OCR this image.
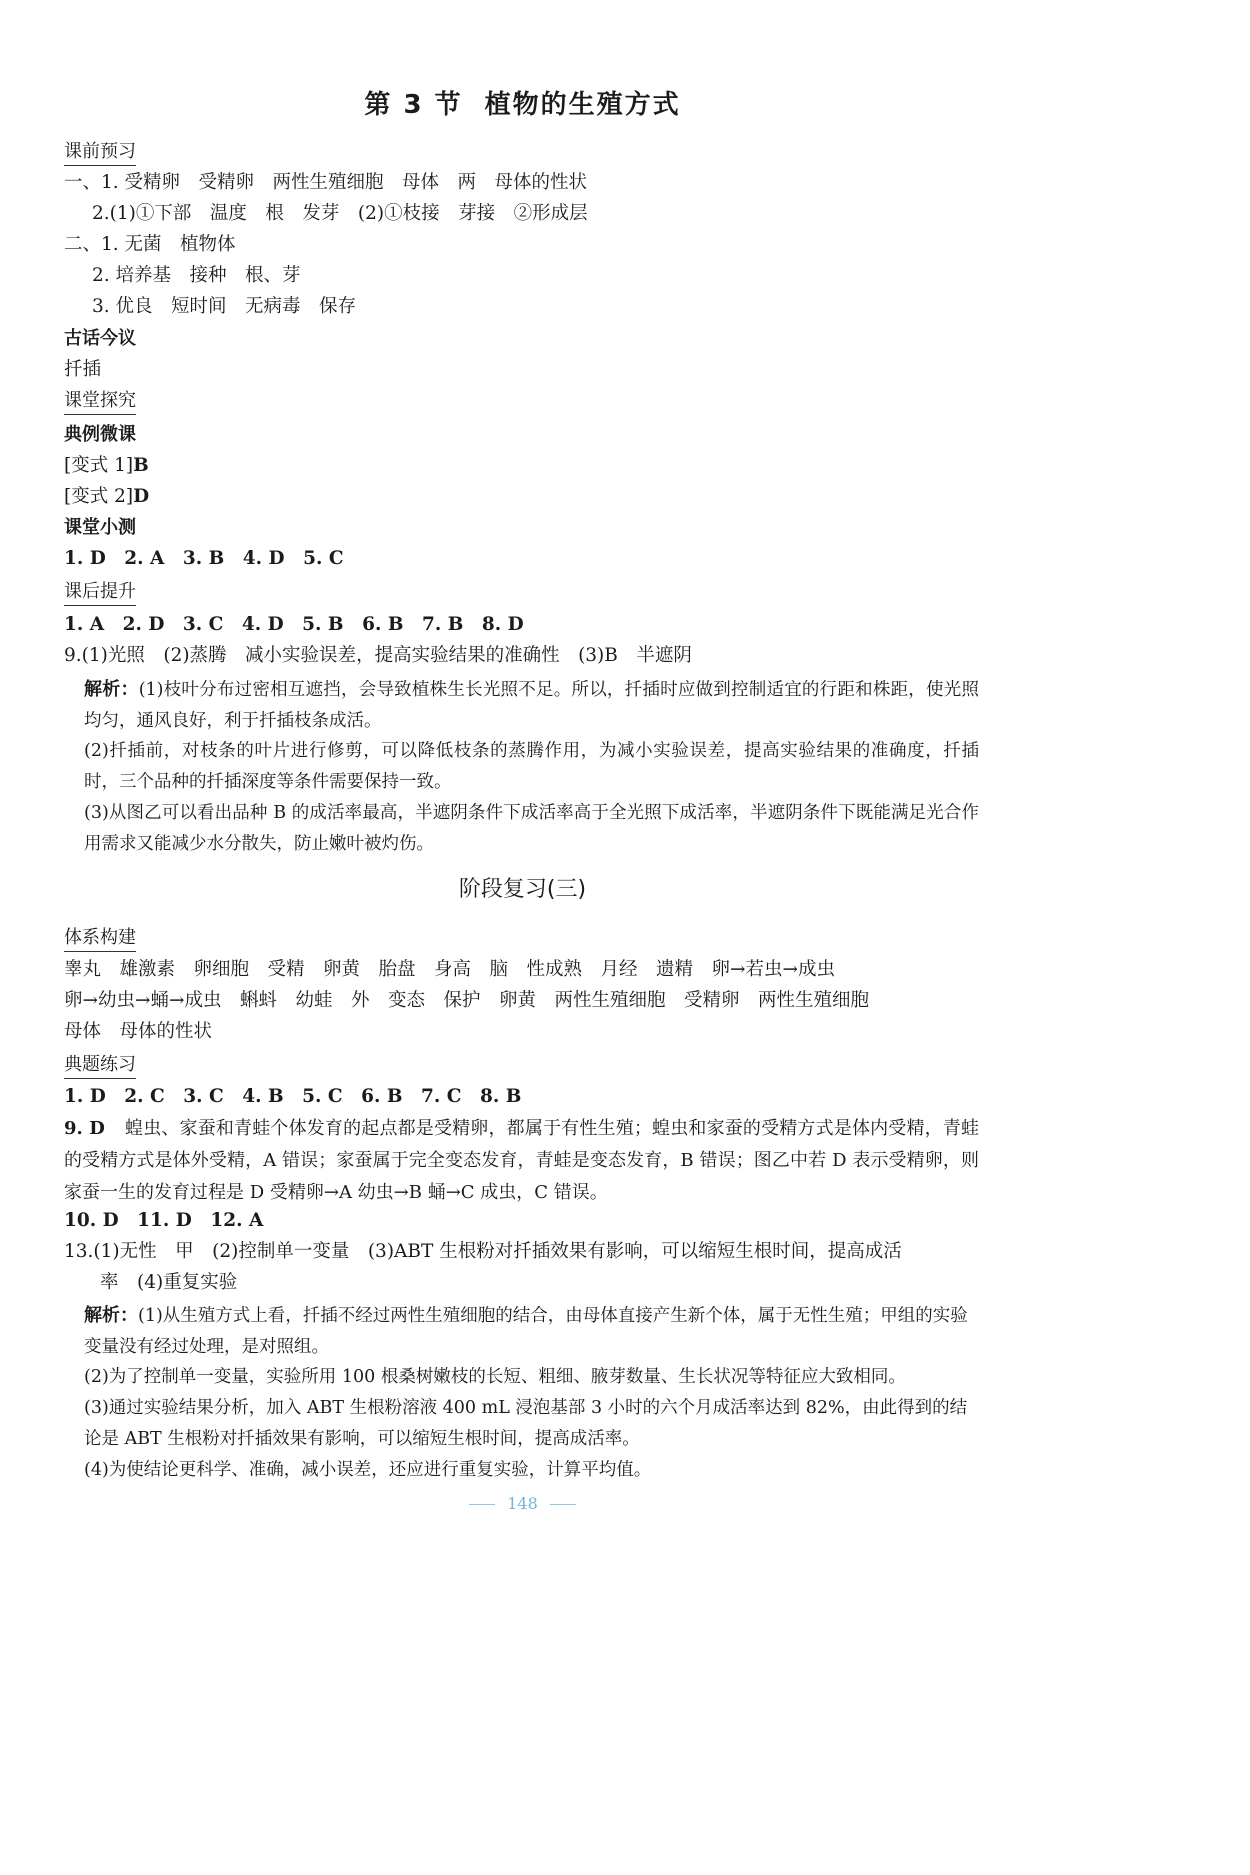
第 3 节 植物的生殖方式
课前预习
一、1. 受精卵　受精卵　两性生殖细胞　母体　两　母体的性状
2.(1)①下部　温度　根　发芽　(2)①枝接　芽接　②形成层
二、1. 无菌　植物体
2. 培养基　接种　根、芽
3. 优良　短时间　无病毒　保存
古话今议
扦插
课堂探究
典例微课
[变式 1]B
[变式 2]D
课堂小测
1. D　2. A　3. B　4. D　5. C
课后提升
1. A　2. D　3. C　4. D　5. B　6. B　7. B　8. D
9.(1)光照　(2)蒸腾　减小实验误差，提高实验结果的准确性　(3)B　半遮阴
解析：(1)枝叶分布过密相互遮挡，会导致植株生长光照不足。所以，扦插时应做到控制适宜的行距和株距，使光照均匀，通风良好，利于扦插枝条成活。
(2)扦插前，对枝条的叶片进行修剪，可以降低枝条的蒸腾作用，为减小实验误差，提高实验结果的准确度，扦插时，三个品种的扦插深度等条件需要保持一致。
(3)从图乙可以看出品种 B 的成活率最高，半遮阴条件下成活率高于全光照下成活率，半遮阴条件下既能满足光合作用需求又能减少水分散失，防止嫩叶被灼伤。
阶段复习(三)
体系构建
睾丸　雄激素　卵细胞　受精　卵黄　胎盘　身高　脑　性成熟　月经　遗精　卵→若虫→成虫
卵→幼虫→蛹→成虫　蝌蚪　幼蛙　外　变态　保护　卵黄　两性生殖细胞　受精卵　两性生殖细胞
母体　母体的性状
典题练习
1. D　2. C　3. C　4. B　5. C　6. B　7. C　8. B
9. D 蝗虫、家蚕和青蛙个体发育的起点都是受精卵，都属于有性生殖；蝗虫和家蚕的受精方式是体内受精，青蛙的受精方式是体外受精，A 错误；家蚕属于完全变态发育，青蛙是变态发育，B 错误；图乙中若 D 表示受精卵，则家蚕一生的发育过程是 D 受精卵→A 幼虫→B 蛹→C 成虫，C 错误。
10. D　11. D　12. A
13.(1)无性　甲　(2)控制单一变量　(3)ABT 生根粉对扦插效果有影响，可以缩短生根时间，提高成活
率　(4)重复实验
解析：(1)从生殖方式上看，扦插不经过两性生殖细胞的结合，由母体直接产生新个体，属于无性生殖；甲组的实验变量没有经过处理，是对照组。
(2)为了控制单一变量，实验所用 100 根桑树嫩枝的长短、粗细、腋芽数量、生长状况等特征应大致相同。
(3)通过实验结果分析，加入 ABT 生根粉溶液 400 mL 浸泡基部 3 小时的六个月成活率达到 82%，由此得到的结论是 ABT 生根粉对扦插效果有影响，可以缩短生根时间，提高成活率。
(4)为使结论更科学、准确，减小误差，还应进行重复实验，计算平均值。
148
